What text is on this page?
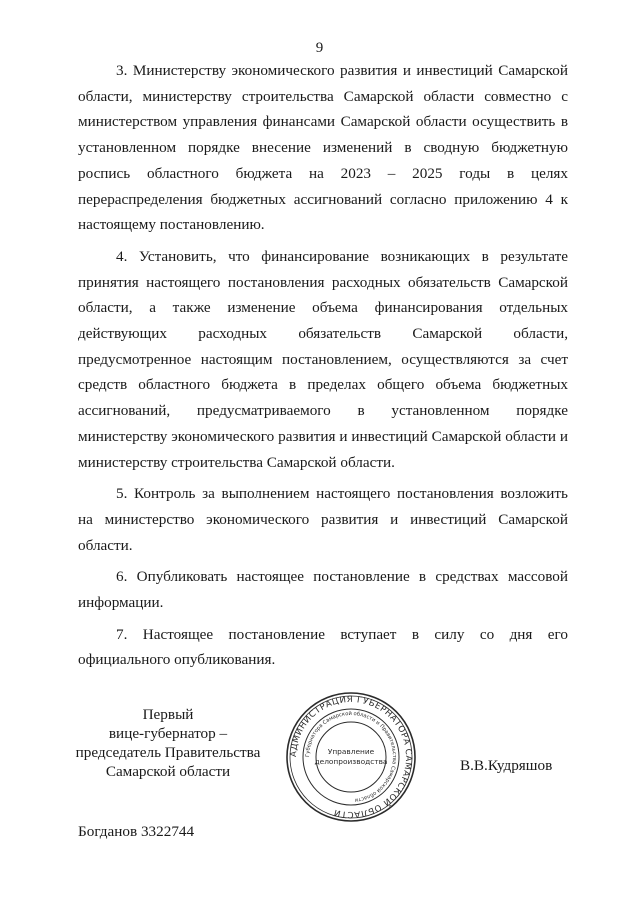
9

3. Министерству экономического развития и инвестиций Самарской области, министерству строительства Самарской области совместно с министерством управления финансами Самарской области осуществить в установленном порядке внесение изменений в сводную бюджетную роспись областного бюджета на 2023 – 2025 годы в целях перераспределения бюджетных ассигнований согласно приложению 4 к настоящему постановлению.

4. Установить, что финансирование возникающих в результате принятия настоящего постановления расходных обязательств Самарской области, а также изменение объема финансирования отдельных действующих расходных обязательств Самарской области, предусмотренное настоящим постановлением, осуществляются за счет средств областного бюджета в пределах общего объема бюджетных ассигнований, предусматриваемого в установленном порядке министерству экономического развития и инвестиций Самарской области и министерству строительства Самарской области.

5. Контроль за выполнением настоящего постановления возложить на министерство экономического развития и инвестиций Самарской области.

6. Опубликовать настоящее постановление в средствах массовой информации.

7. Настоящее постановление вступает в силу со дня его официального опубликования.

Первый
вице-губернатор –
председатель Правительства
Самарской области
АДМИНИСТРАЦИЯ ГУБЕРНАТОРА САМАРСКОЙ ОБЛАСТИ
Губернатора Самарской области и Правительства Самарской области
Управление
делопроизводства	В.В.Кудряшов
Богданов 3322744
